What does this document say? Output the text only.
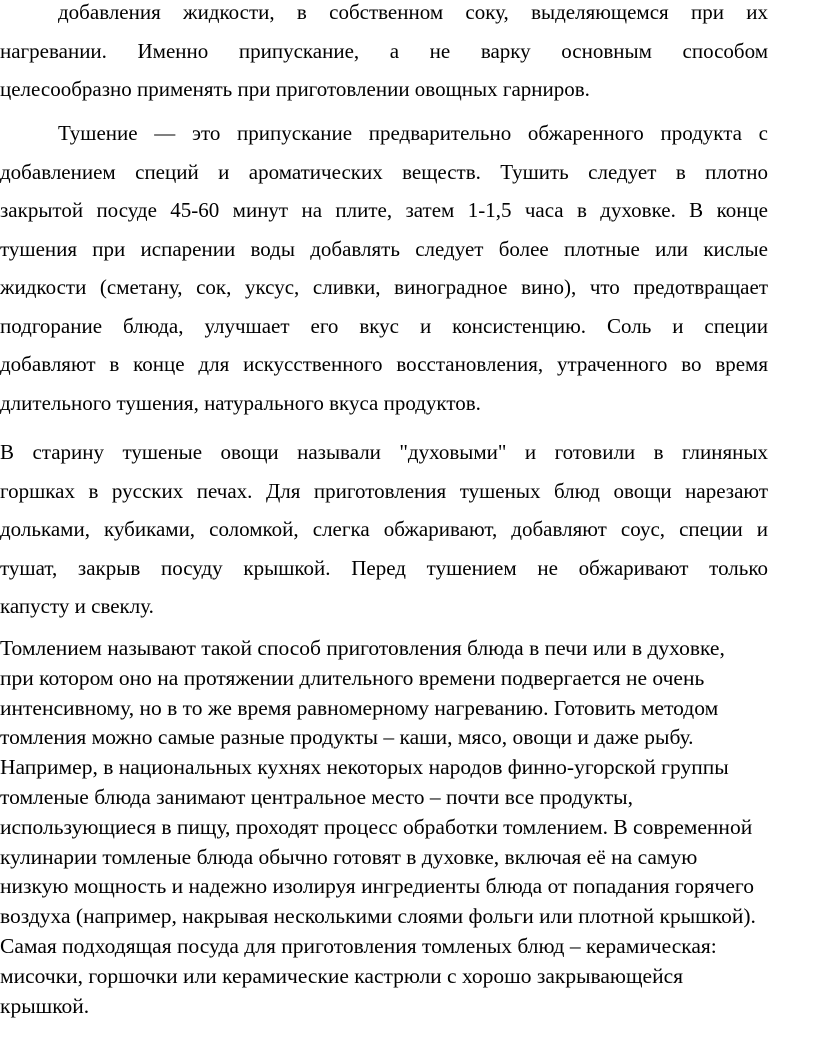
добавления жидкости, в собственном соку, выделяющемся при их
нагревании. Именно припускание, а не варку основным способом
целесообразно применять при приготовлении овощных гарниров.
Тушение — это припускание предварительно обжаренного продукта с
добавлением специй и ароматических веществ. Тушить следует в плотно
закрытой посуде 45-60 минут на плите, затем 1-1,5 часа в духовке. В конце
тушения при испарении воды добавлять следует более плотные или кислые
жидкости (сметану, сок, уксус, сливки, виноградное вино), что предотвращает
подгорание блюда, улучшает его вкус и консистенцию. Соль и специи
добавляют в конце для искусственного восстановления, утраченного во время
длительного тушения, натурального вкуса продуктов.
В старину тушеные овощи называли "духовыми" и готовили в глиняных
горшках в русских печах. Для приготовления тушеных блюд овощи нарезают
дольками, кубиками, соломкой, слегка обжаривают, добавляют соус, специи и
тушат, закрыв посуду крышкой. Перед тушением не обжаривают только
капусту и свеклу.
Томлением называют такой способ приготовления блюда в печи или в духовке,
при котором оно на протяжении длительного времени подвергается не очень
интенсивному, но в то же время равномерному нагреванию. Готовить методом
томления можно самые разные продукты – каши, мясо, овощи и даже рыбу.
Например, в национальных кухнях некоторых народов финно-угорской группы
томленые блюда занимают центральное место – почти все продукты,
использующиеся в пищу, проходят процесс обработки томлением. В современной
кулинарии томленые блюда обычно готовят в духовке, включая её на самую
низкую мощность и надежно изолируя ингредиенты блюда от попадания горячего
воздуха (например, накрывая несколькими слоями фольги или плотной крышкой).
Самая подходящая посуда для приготовления томленых блюд – керамическая:
мисочки, горшочки или керамические кастрюли с хорошо закрывающейся
крышкой.
